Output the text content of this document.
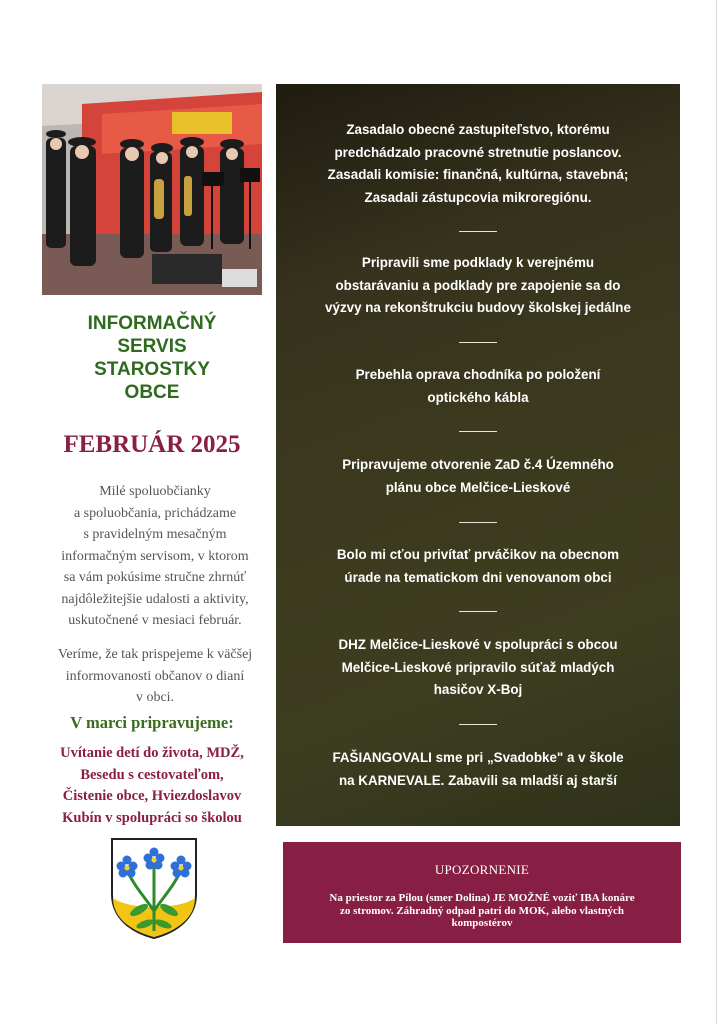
INFORMAČNÝ
SERVIS
STAROSTKY
OBCE
FEBRUÁR 2025
Milé spoluobčianky
a spoluobčania, prichádzame
s pravidelným mesačným
informačným servisom, v ktorom
sa vám pokúsime stručne zhrnúť
najdôležitejšie udalosti a aktivity,
uskutočnené v mesiaci február.
Veríme, že tak prispejeme k väčšej
informovanosti občanov o dianí
v obci.
V marci pripravujeme:
Uvítanie detí do života, MDŽ,
Besedu s cestovateľom,
Čistenie obce, Hviezdoslavov
Kubín v spolupráci so školou
Zasadalo obecné zastupiteľstvo, ktorému
predchádzalo pracovné stretnutie poslancov.
Zasadali komisie: finančná, kultúrna, stavebná;
Zasadali zástupcovia mikroregiónu.
Pripravili sme podklady k verejnému
obstarávaniu a podklady pre zapojenie sa do
výzvy na rekonštrukciu budovy školskej jedálne
Prebehla oprava chodníka po položení
optického kábla
Pripravujeme otvorenie ZaD č.4 Územného
plánu obce Melčice-Lieskové
Bolo mi cťou privítať prváčikov na obecnom
úrade na tematickom dni venovanom obci
DHZ Melčice-Lieskové v spolupráci s obcou
Melčice-Lieskové pripravilo súťaž mladých
hasičov X-Boj
FAŠIANGOVALI sme pri „Svadobke" a v škole
na KARNEVALE. Zabavili sa mladší aj starší
UPOZORNENIE
Na priestor za Pílou (smer Dolina) JE MOŽNÉ voziť IBA konáre
zo stromov. Záhradný odpad patrí do MOK, alebo vlastných
kompostérov
